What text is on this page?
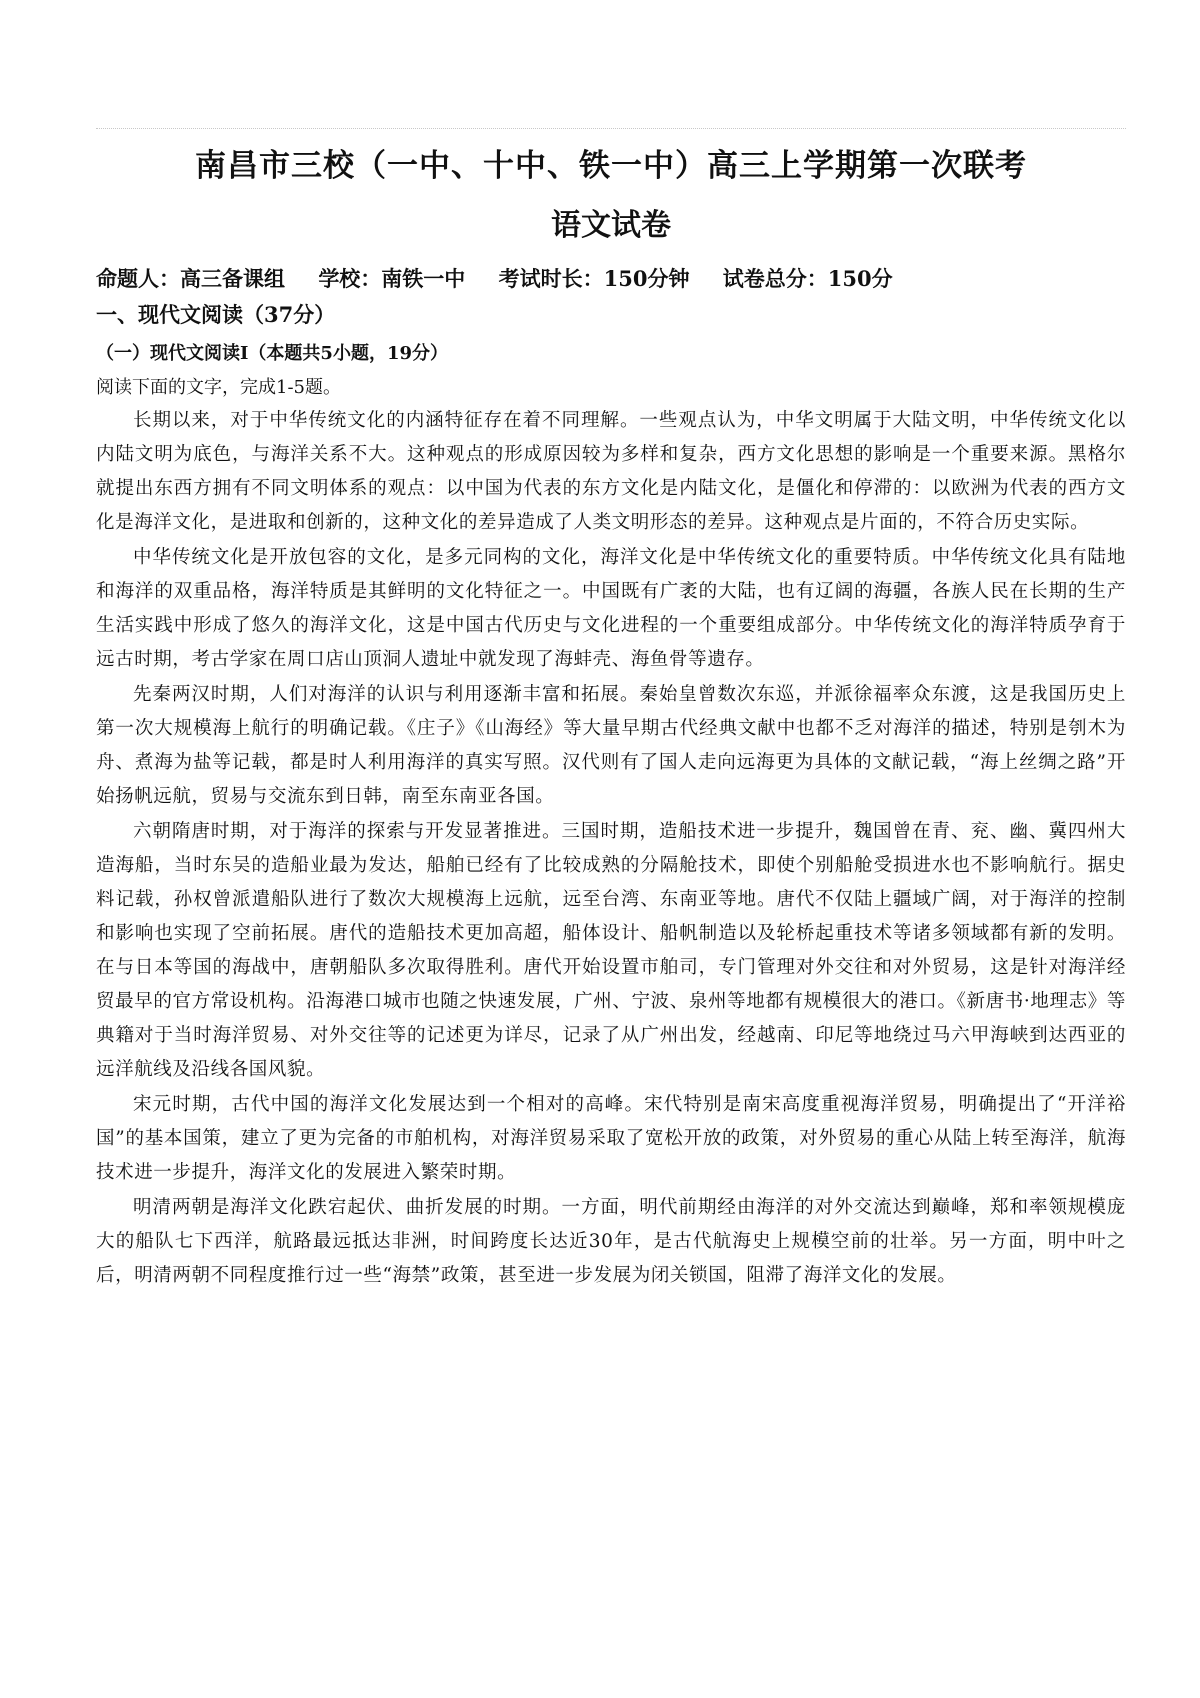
南昌市三校（一中、十中、铁一中）高三上学期第一次联考
语文试卷
命题人：高三备课组 学校：南铁一中 考试时长：150分钟 试卷总分：150分
一、现代文阅读（37分）
（一）现代文阅读Ⅰ（本题共5小题，19分）
阅读下面的文字，完成1-5题。

长期以来，对于中华传统文化的内涵特征存在着不同理解。一些观点认为，中华文明属于大陆文明，中华传统文化以内陆文明为底色，与海洋关系不大。这种观点的形成原因较为多样和复杂，西方文化思想的影响是一个重要来源。黑格尔就提出东西方拥有不同文明体系的观点：以中国为代表的东方文化是内陆文化，是僵化和停滞的：以欧洲为代表的西方文化是海洋文化，是进取和创新的，这种文化的差异造成了人类文明形态的差异。这种观点是片面的，不符合历史实际。

中华传统文化是开放包容的文化，是多元同构的文化，海洋文化是中华传统文化的重要特质。中华传统文化具有陆地和海洋的双重品格，海洋特质是其鲜明的文化特征之一。中国既有广袤的大陆，也有辽阔的海疆，各族人民在长期的生产生活实践中形成了悠久的海洋文化，这是中国古代历史与文化进程的一个重要组成部分。中华传统文化的海洋特质孕育于远古时期，考古学家在周口店山顶洞人遗址中就发现了海蚌壳、海鱼骨等遗存。

先秦两汉时期，人们对海洋的认识与利用逐渐丰富和拓展。秦始皇曾数次东巡，并派徐福率众东渡，这是我国历史上第一次大规模海上航行的明确记载。《庄子》《山海经》等大量早期古代经典文献中也都不乏对海洋的描述，特别是刳木为舟、煮海为盐等记载，都是时人利用海洋的真实写照。汉代则有了国人走向远海更为具体的文献记载，“海上丝绸之路”开始扬帆远航，贸易与交流东到日韩，南至东南亚各国。

六朝隋唐时期，对于海洋的探索与开发显著推进。三国时期，造船技术进一步提升，魏国曾在青、兖、幽、冀四州大造海船，当时东吴的造船业最为发达，船舶已经有了比较成熟的分隔舱技术，即使个别船舱受损进水也不影响航行。据史料记载，孙权曾派遣船队进行了数次大规模海上远航，远至台湾、东南亚等地。唐代不仅陆上疆域广阔，对于海洋的控制和影响也实现了空前拓展。唐代的造船技术更加高超，船体设计、船帆制造以及轮桥起重技术等诸多领域都有新的发明。在与日本等国的海战中，唐朝船队多次取得胜利。唐代开始设置市舶司，专门管理对外交往和对外贸易，这是针对海洋经贸最早的官方常设机构。沿海港口城市也随之快速发展，广州、宁波、泉州等地都有规模很大的港口。《新唐书·地理志》等典籍对于当时海洋贸易、对外交往等的记述更为详尽，记录了从广州出发，经越南、印尼等地绕过马六甲海峡到达西亚的远洋航线及沿线各国风貌。

宋元时期，古代中国的海洋文化发展达到一个相对的高峰。宋代特别是南宋高度重视海洋贸易，明确提出了“开洋裕国”的基本国策，建立了更为完备的市舶机构，对海洋贸易采取了宽松开放的政策，对外贸易的重心从陆上转至海洋，航海技术进一步提升，海洋文化的发展进入繁荣时期。

明清两朝是海洋文化跌宕起伏、曲折发展的时期。一方面，明代前期经由海洋的对外交流达到巅峰，郑和率领规模庞大的船队七下西洋，航路最远抵达非洲，时间跨度长达近30年，是古代航海史上规模空前的壮举。另一方面，明中叶之后，明清两朝不同程度推行过一些“海禁”政策，甚至进一步发展为闭关锁国，阻滞了海洋文化的发展。
